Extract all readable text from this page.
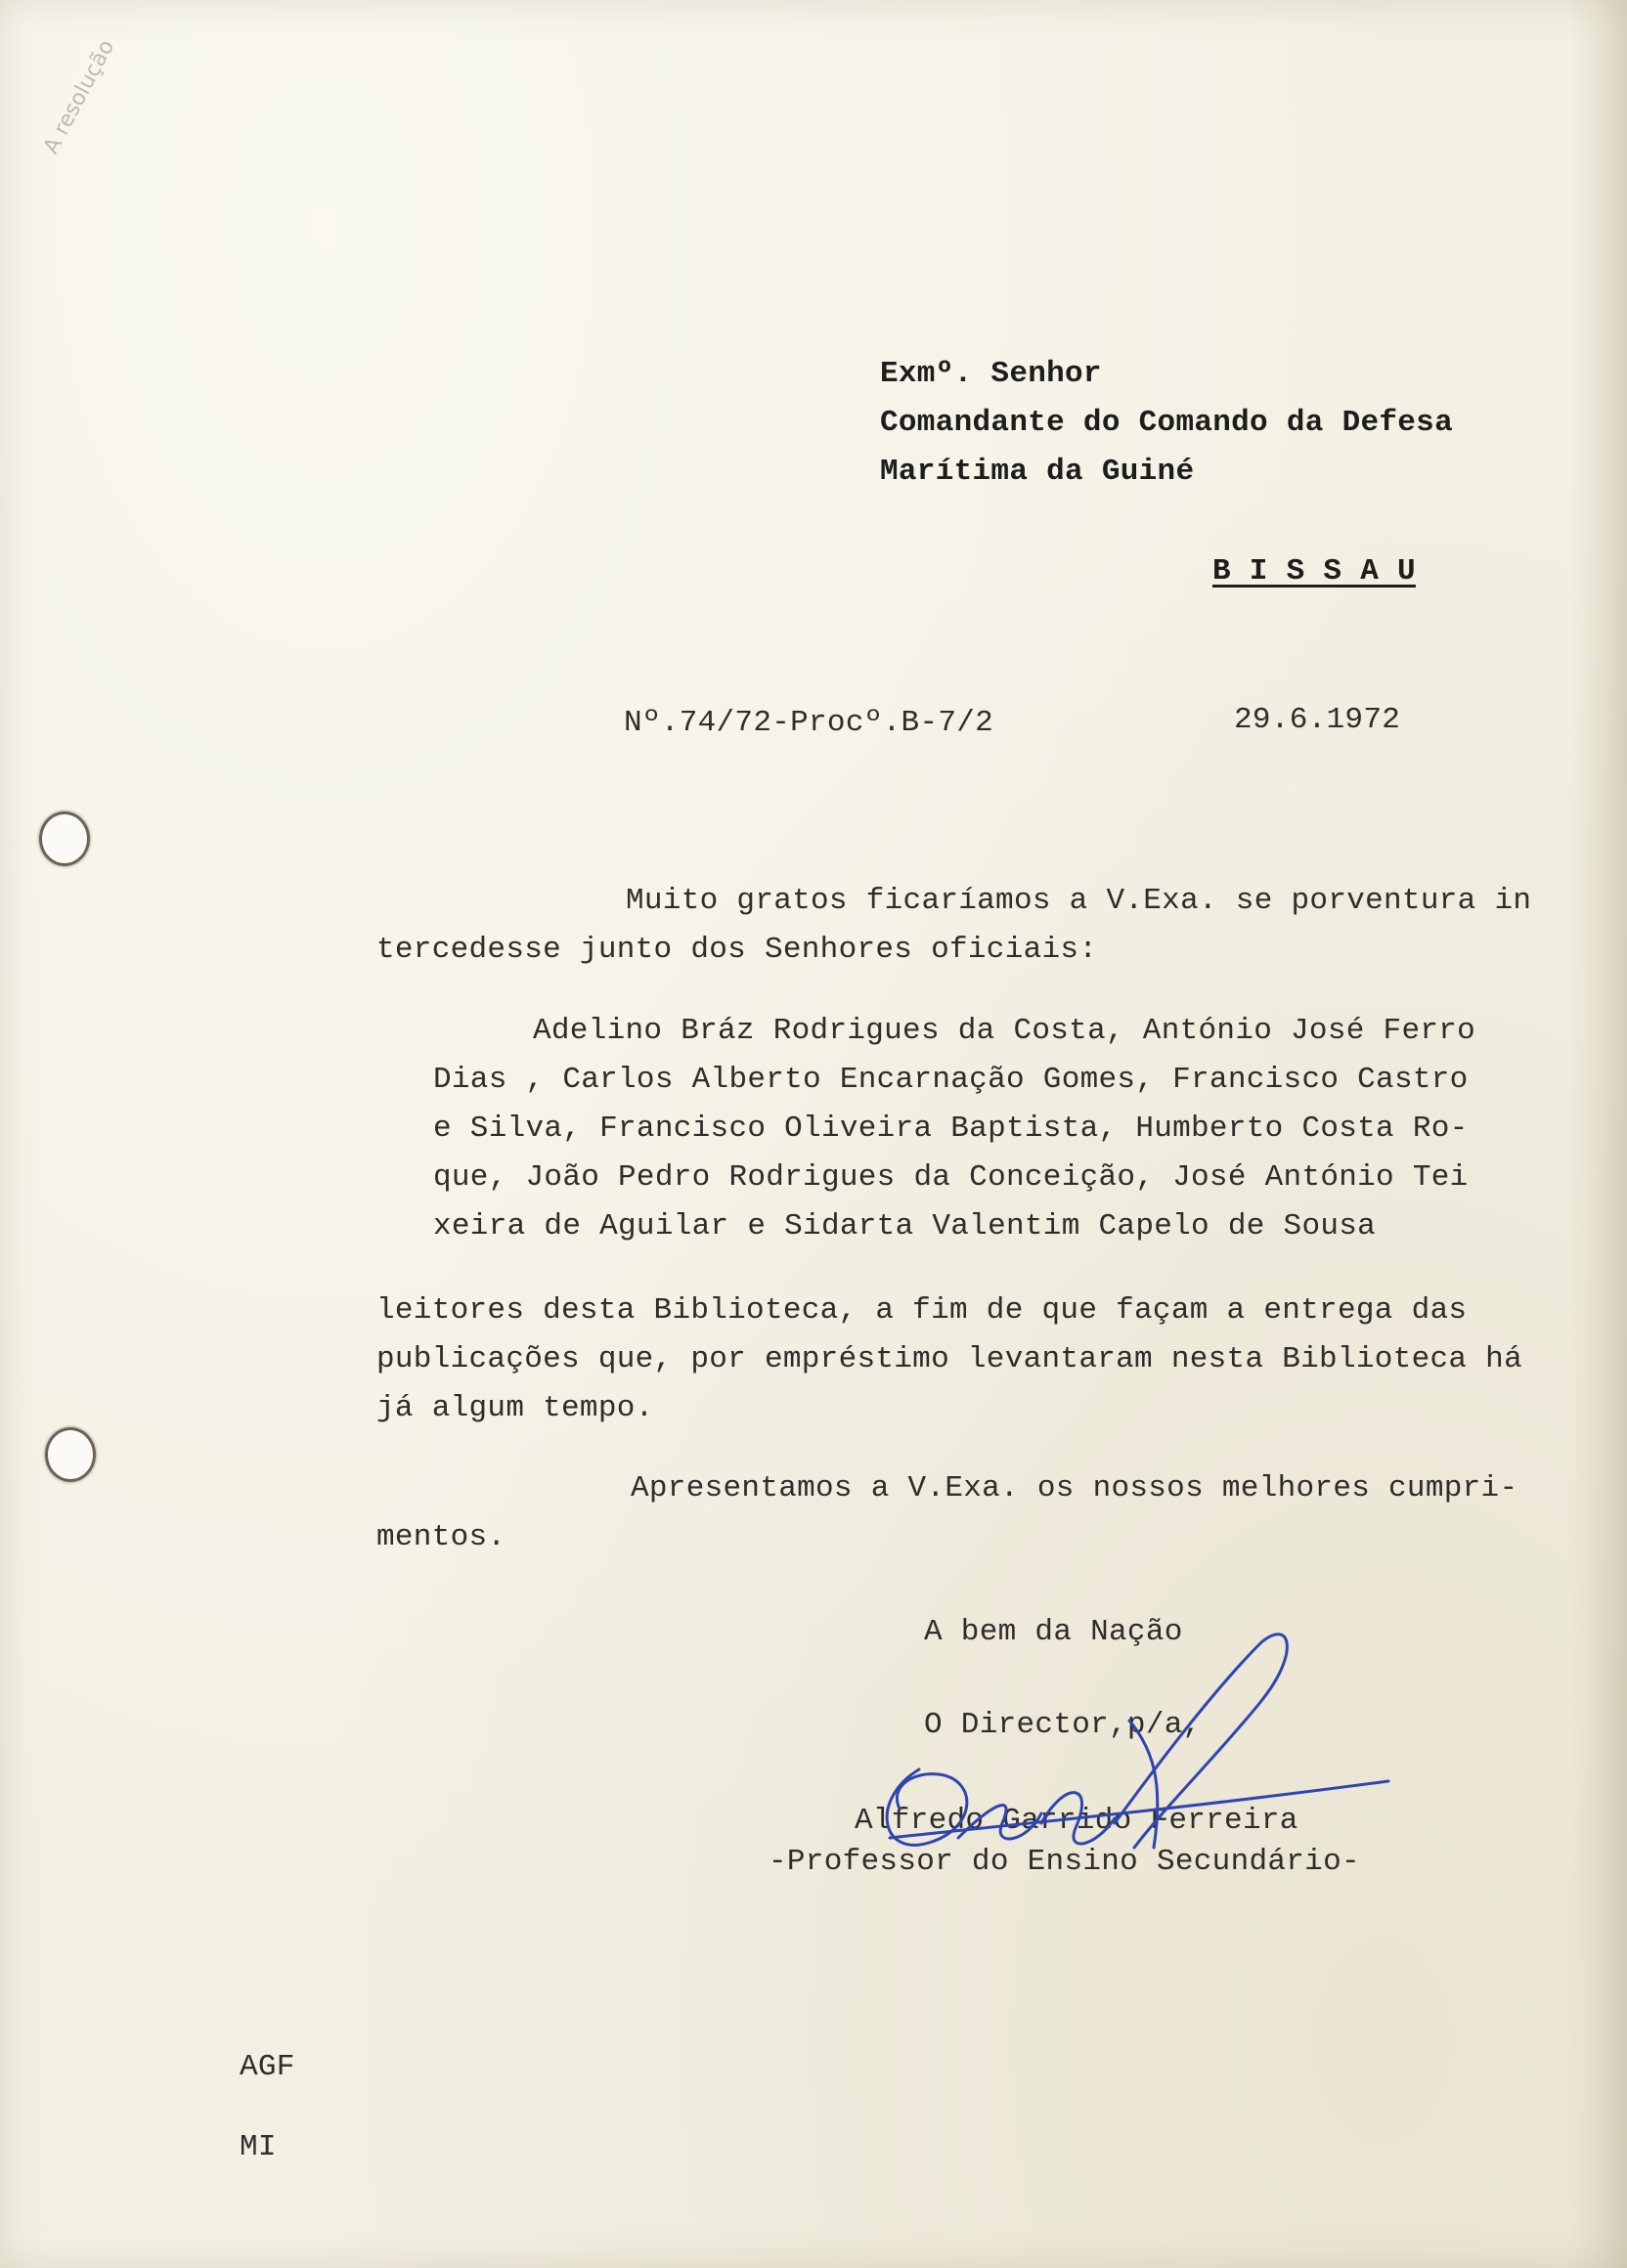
A resolução

Exmº. Senhor

Comandante do Comando da Defesa

Marítima da Guiné

B I S S A U

Nº.74/72-Procº.B-7/2	29.6.1972

Muito gratos ficaríamos a V.Exa. se porventura in

tercedesse junto dos Senhores oficiais:

Adelino Bráz Rodrigues da Costa, António José Ferro

Dias , Carlos Alberto Encarnação Gomes, Francisco Castro

e Silva, Francisco Oliveira Baptista, Humberto Costa Ro-

que, João Pedro Rodrigues da Conceição, José António Tei

xeira de Aguilar e Sidarta Valentim Capelo de Sousa

leitores desta Biblioteca, a fim de que façam a entrega das

publicações que, por empréstimo levantaram nesta Biblioteca há

já algum tempo.

Apresentamos a V.Exa. os nossos melhores cumpri-

mentos.

A bem da Nação

O Director,p/a,

Alfredo Garrido Ferreira

-Professor do Ensino Secundário-

AGF

MI
